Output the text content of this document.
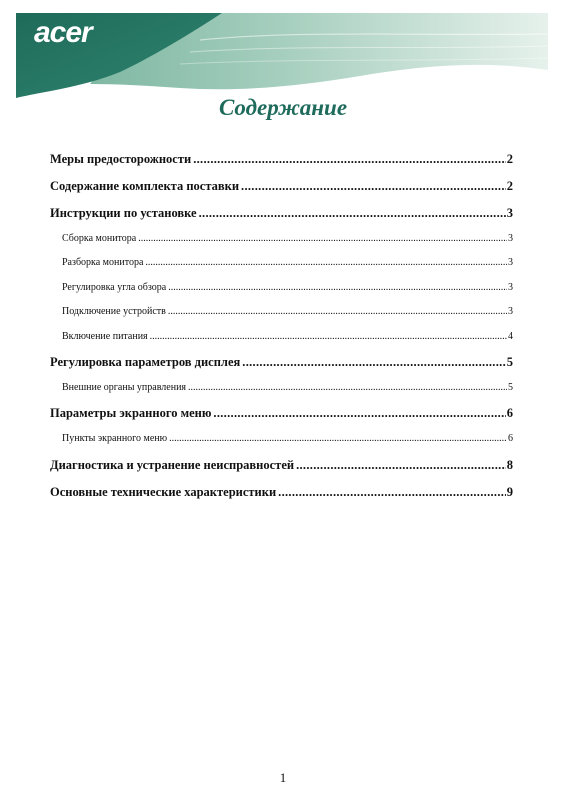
acer
Содержание
Меры предосторожности .....	2
Содержание комплекта поставки .....	2
Инструкции по установке .....	3
Сборка монитора .....	3
Разборка монитора .....	3
Регулировка угла обзора .....	3
Подключение устройств .....	3
Включение питания .....	4
Регулировка параметров дисплея .....	5
Внешние органы управления .....	5
Параметры экранного меню .....	6
Пункты экранного меню .....	6
Диагностика и устранение неисправностей .....	8
Основные технические характеристики .....	9
1
